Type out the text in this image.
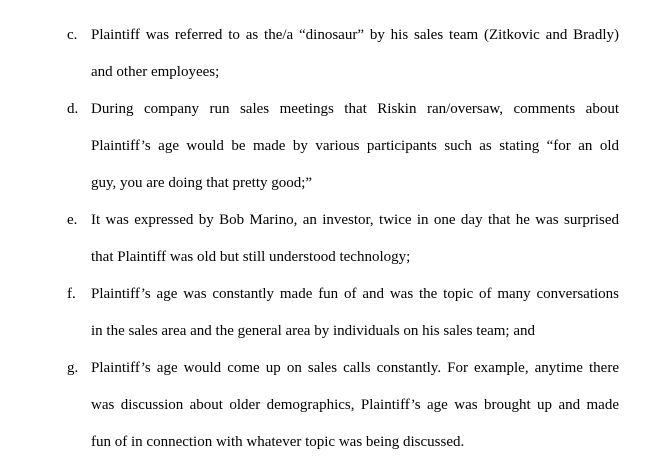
c. Plaintiff was referred to as the/a “dinosaur” by his sales team (Zitkovic and Bradly)
and other employees;
d. During company run sales meetings that Riskin ran/oversaw, comments about
Plaintiff’s age would be made by various participants such as stating “for an old
guy, you are doing that pretty good;”
e. It was expressed by Bob Marino, an investor, twice in one day that he was surprised
that Plaintiff was old but still understood technology;
f. Plaintiff’s age was constantly made fun of and was the topic of many conversations
in the sales area and the general area by individuals on his sales team; and
g. Plaintiff’s age would come up on sales calls constantly. For example, anytime there
was discussion about older demographics, Plaintiff’s age was brought up and made
fun of in connection with whatever topic was being discussed.
